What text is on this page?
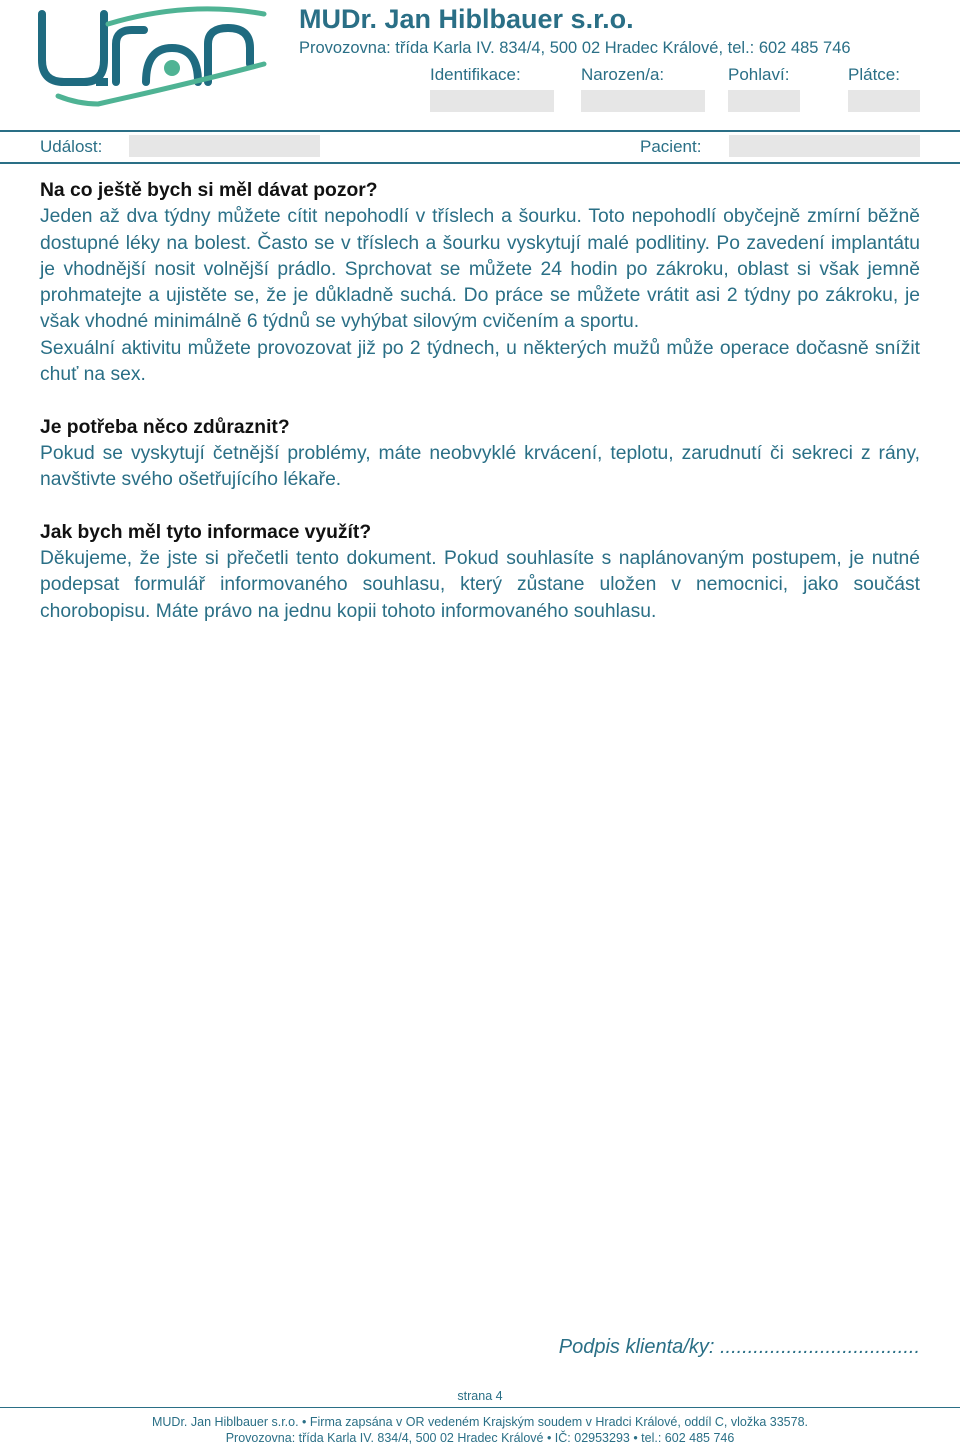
MUDr. Jan Hiblbauer s.r.o.
Provozovna: třída Karla IV. 834/4, 500 02 Hradec Králové, tel.: 602 485 746
Identifikace:	Narozen/a:	Pohlaví:	Plátce:
Událost:	Pacient:

Na co ještě bych si měl dávat pozor?

Jeden až dva týdny můžete cítit nepohodlí v tříslech a šourku. Toto nepohodlí obyčejně zmírní běžně dostupné léky na bolest. Často se v tříslech a šourku vyskytují malé podlitiny. Po zavedení implantátu je vhodnější nosit volnější prádlo. Sprchovat se můžete 24 hodin po zákroku, oblast si však jemně prohmatejte a ujistěte se, že je důkladně suchá. Do práce se můžete vrátit asi 2 týdny po zákroku, je však vhodné minimálně 6 týdnů se vyhýbat silovým cvičením a sportu.

Sexuální aktivitu můžete provozovat již po 2 týdnech, u některých mužů může operace dočasně snížit chuť na sex.

Je potřeba něco zdůraznit?

Pokud se vyskytují četnější problémy, máte neobvyklé krvácení, teplotu, zarudnutí či sekreci z rány, navštivte svého ošetřujícího lékaře.

Jak bych měl tyto informace využít?

Děkujeme, že jste si přečetli tento dokument. Pokud souhlasíte s naplánovaným postupem, je nutné podepsat formulář informovaného souhlasu, který zůstane uložen v nemocnici, jako součást chorobopisu. Máte právo na jednu kopii tohoto informovaného souhlasu.

Podpis klienta/ky: ....................................
strana 4
MUDr. Jan Hiblbauer s.r.o. • Firma zapsána v OR vedeném Krajským soudem v Hradci Králové, oddíl C, vložka 33578.
Provozovna: třída Karla IV. 834/4, 500 02 Hradec Králové • IČ: 02953293 • tel.: 602 485 746
